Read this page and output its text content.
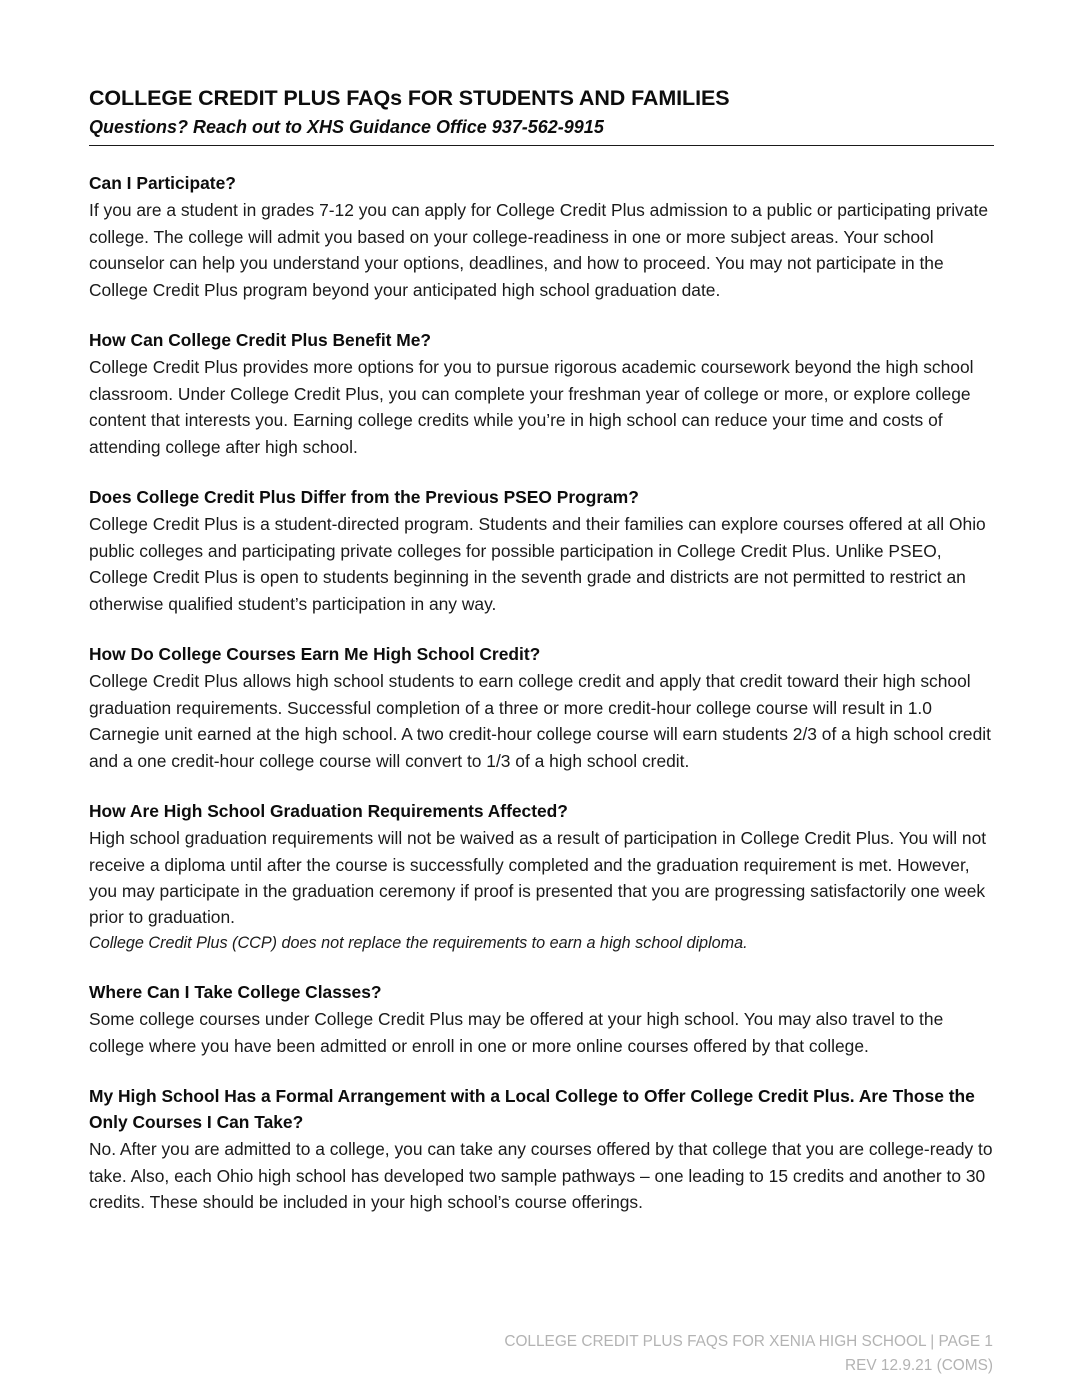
COLLEGE CREDIT PLUS FAQs FOR STUDENTS AND FAMILIES
Questions? Reach out to XHS Guidance Office 937-562-9915
Can I Participate?

If you are a student in grades 7-12 you can apply for College Credit Plus admission to a public or participating private college. The college will admit you based on your college-readiness in one or more subject areas. Your school counselor can help you understand your options, deadlines, and how to proceed. You may not participate in the College Credit Plus program beyond your anticipated high school graduation date.

How Can College Credit Plus Benefit Me?

College Credit Plus provides more options for you to pursue rigorous academic coursework beyond the high school classroom. Under College Credit Plus, you can complete your freshman year of college or more, or explore college content that interests you. Earning college credits while you’re in high school can reduce your time and costs of attending college after high school.

Does College Credit Plus Differ from the Previous PSEO Program?

College Credit Plus is a student-directed program. Students and their families can explore courses offered at all Ohio public colleges and participating private colleges for possible participation in College Credit Plus. Unlike PSEO, College Credit Plus is open to students beginning in the seventh grade and districts are not permitted to restrict an otherwise qualified student’s participation in any way.

How Do College Courses Earn Me High School Credit?

College Credit Plus allows high school students to earn college credit and apply that credit toward their high school graduation requirements. Successful completion of a three or more credit-hour college course will result in 1.0 Carnegie unit earned at the high school. A two credit-hour college course will earn students 2/3 of a high school credit and a one credit-hour college course will convert to 1/3 of a high school credit.

How Are High School Graduation Requirements Affected?

High school graduation requirements will not be waived as a result of participation in College Credit Plus. You will not receive a diploma until after the course is successfully completed and the graduation requirement is met. However, you may participate in the graduation ceremony if proof is presented that you are progressing satisfactorily one week prior to graduation.

College Credit Plus (CCP) does not replace the requirements to earn a high school diploma.

Where Can I Take College Classes?

Some college courses under College Credit Plus may be offered at your high school. You may also travel to the college where you have been admitted or enroll in one or more online courses offered by that college.

My High School Has a Formal Arrangement with a Local College to Offer College Credit Plus. Are Those the Only Courses I Can Take?

No. After you are admitted to a college, you can take any courses offered by that college that you are college-ready to take. Also, each Ohio high school has developed two sample pathways – one leading to 15 credits and another to 30 credits. These should be included in your high school’s course offerings.

COLLEGE CREDIT PLUS FAQS FOR XENIA HIGH SCHOOL | PAGE 1
REV 12.9.21 (COMS)
